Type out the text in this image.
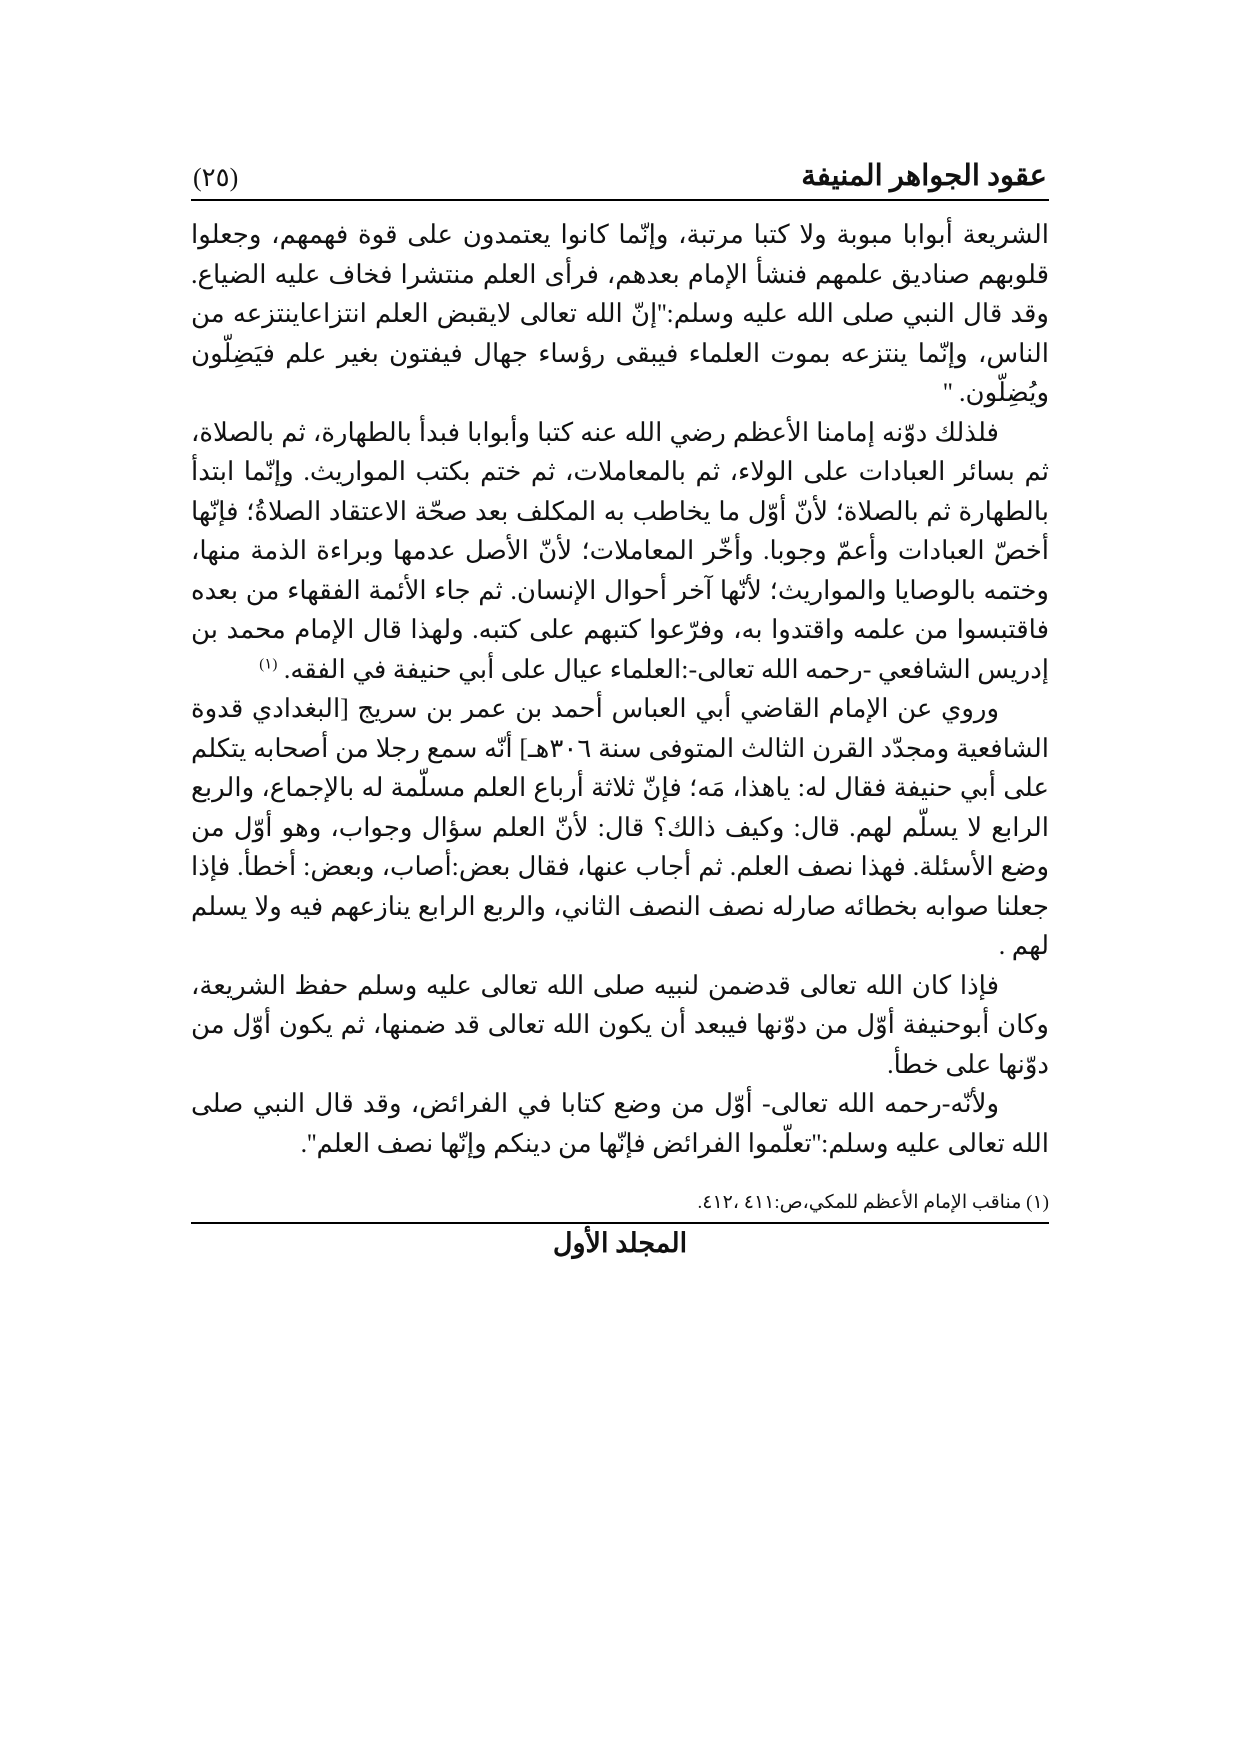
عقود الجواهر المنيفة
(٢٥)

الشريعة أبوابا مبوبة ولا كتبا مرتبة، وإنّما كانوا يعتمدون على قوة فهمهم، وجعلوا قلوبهم صناديق علمهم فنشأ الإمام بعدهم، فرأى العلم منتشرا فخاف عليه الضياع. وقد قال النبي صلى الله عليه وسلم:''إنّ الله تعالى لايقبض العلم انتزاعاينتزعه من الناس، وإنّما ينتزعه بموت العلماء فيبقى رؤساء جهال فيفتون بغير علم فيَضِلّون ويُضِلّون. ''

فلذلك دوّنه إمامنا الأعظم رضي الله عنه كتبا وأبوابا فبدأ بالطهارة، ثم بالصلاة، ثم بسائر العبادات على الولاء، ثم بالمعاملات، ثم ختم بكتب المواريث. وإنّما ابتدأ بالطهارة ثم بالصلاة؛ لأنّ أوّل ما يخاطب به المكلف بعد صحّة الاعتقاد الصلاةُ؛ فإنّها أخصّ العبادات وأعمّ وجوبا. وأخّر المعاملات؛ لأنّ الأصل عدمها وبراءة الذمة منها، وختمه بالوصايا والمواريث؛ لأنّها آخر أحوال الإنسان. ثم جاء الأئمة الفقهاء من بعده فاقتبسوا من علمه واقتدوا به، وفرّعوا كتبهم على كتبه. ولهذا قال الإمام محمد بن إدريس الشافعي -رحمه الله تعالى-:العلماء عيال على أبي حنيفة في الفقه. $^{(١)}$

وروي عن الإمام القاضي أبي العباس أحمد بن عمر بن سريج [البغدادي قدوة الشافعية ومجدّد القرن الثالث المتوفى سنة ٣٠٦هـ] أنّه سمع رجلا من أصحابه يتكلم على أبي حنيفة فقال له: ياهذا، مَه؛ فإنّ ثلاثة أرباع العلم مسلّمة له بالإجماع، والربع الرابع لا يسلّم لهم. قال: وكيف ذالك؟ قال: لأنّ العلم سؤال وجواب، وهو أوّل من وضع الأسئلة. فهذا نصف العلم. ثم أجاب عنها، فقال بعض:أصاب، وبعض: أخطأ. فإذا جعلنا صوابه بخطائه صارله نصف النصف الثاني، والربع الرابع ينازعهم فيه ولا يسلم لهم .

فإذا كان الله تعالى قدضمن لنبيه صلى الله تعالى عليه وسلم حفظ الشريعة، وكان أبوحنيفة أوّل من دوّنها فيبعد أن يكون الله تعالى قد ضمنها، ثم يكون أوّل من دوّنها على خطأ.

ولأنّه-رحمه الله تعالى- أوّل من وضع كتابا في الفرائض، وقد قال النبي صلى الله تعالى عليه وسلم:''تعلّموا الفرائض فإنّها من دينكم وإنّها نصف العلم''.

(١) مناقب الإمام الأعظم للمكي،ص:٤١١ ،٤١٢.
المجلد الأول
